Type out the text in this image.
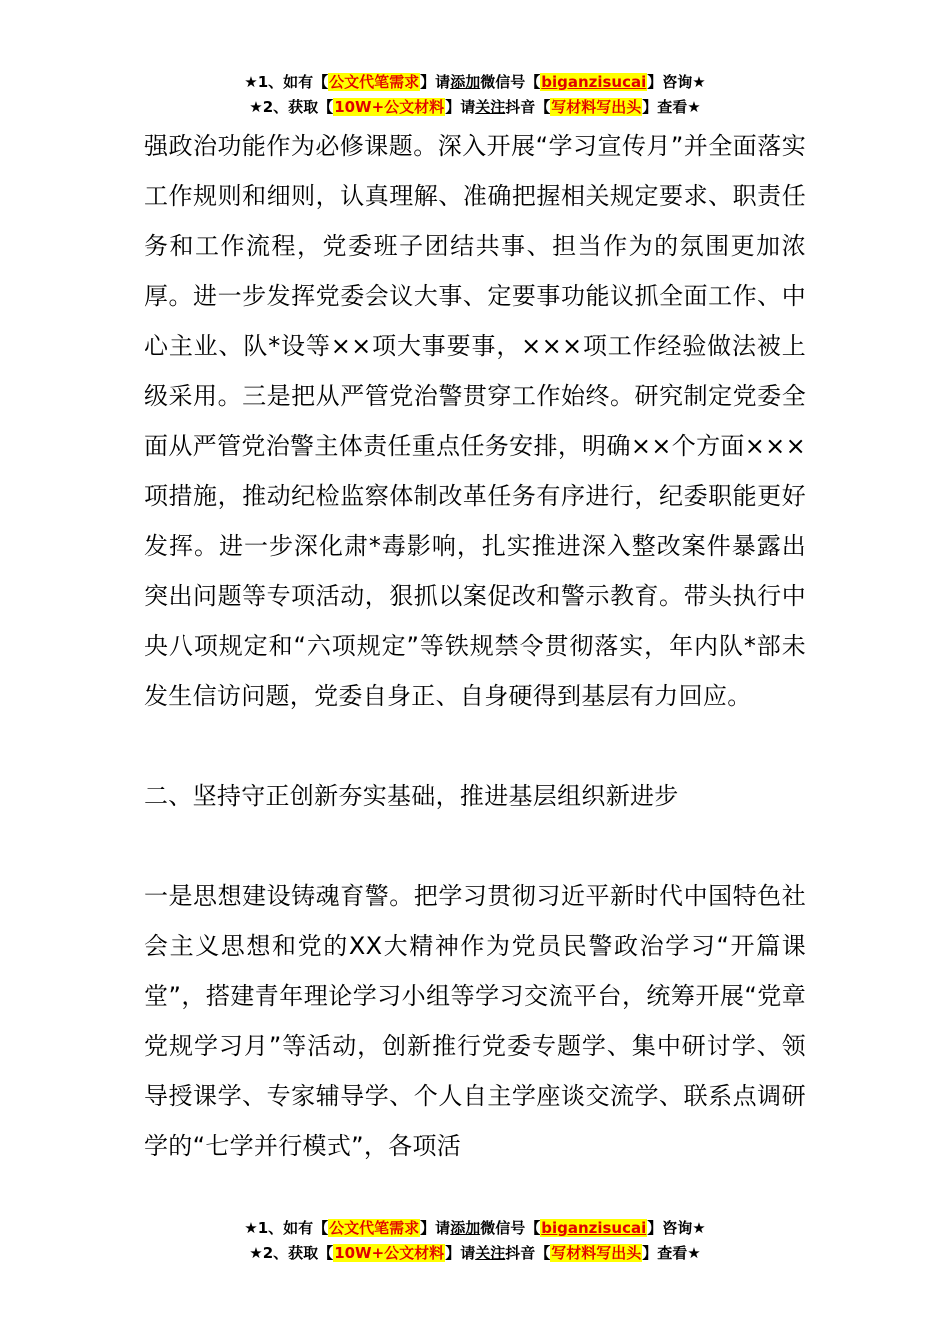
★1、如有【公文代笔需求】请添加微信号【biganzisucai】咨询★
★2、获取【10W+公文材料】请关注抖音【写材料写出头】查看★

强政治功能作为必修课题。深入开展“学习宣传月”并全面落实工作规则和细则，认真理解、准确把握相关规定要求、职责任务和工作流程，党委班子团结共事、担当作为的氛围更加浓厚。进一步发挥党委会议大事、定要事功能议抓全面工作、中心主业、队*设等××项大事要事，×××项工作经验做法被上级采用。三是把从严管党治警贯穿工作始终。研究制定党委全面从严管党治警主体责任重点任务安排，明确××个方面×××项措施，推动纪检监察体制改革任务有序进行，纪委职能更好发挥。进一步深化肃*毒影响，扎实推进深入整改案件暴露出突出问题等专项活动，狠抓以案促改和警示教育。带头执行中央八项规定和“六项规定”等铁规禁令贯彻落实，年内队*部未发生信访问题，党委自身正、自身硬得到基层有力回应。

二、坚持守正创新夯实基础，推进基层组织新进步

一是思想建设铸魂育警。把学习贯彻习近平新时代中国特色社会主义思想和党的XX大精神作为党员民警政治学习“开篇课堂”，搭建青年理论学习小组等学习交流平台，统筹开展“党章党规学习月”等活动，创新推行党委专题学、集中研讨学、领导授课学、专家辅导学、个人自主学座谈交流学、联系点调研学的“七学并行模式”，各项活

★1、如有【公文代笔需求】请添加微信号【biganzisucai】咨询★
★2、获取【10W+公文材料】请关注抖音【写材料写出头】查看★
